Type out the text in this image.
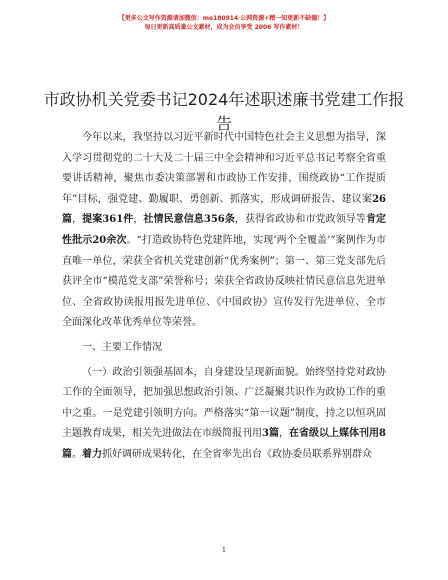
【更多公文写作资源请加微信：mo180914 公网资源+精一知更新不缺德！】
每日更新高质量公文素材，成为会员享受 2006 写作素材！
市政协机关党委书记2024年述职述廉书党建工作报告

今年以来，我坚持以习近平新时代中国特色社会主义思想为指导，深入学习贯彻党的二十大及二十届三中全会精神和习近平总书记考察全省重要讲话精神，聚焦市委决策部署和市政协工作安排，围绕政协“工作提质年”目标，强党建、勤履职、勇创新、抓落实，形成调研报告、建议案26篇，提案361件，社情民意信息356条，获得省政协和市党政领导等肯定性批示20余次。“打造政协特色党建阵地，实现‘两个全覆盖’”案例作为市直唯一单位，荣获全省机关党建创新“优秀案例”；第一、第三党支部先后获评全市“模范党支部”荣誉称号；荣获全省政协反映社情民意信息先进单位、全省政协读报用报先进单位、《中国政协》宣传发行先进单位、全市全面深化改革优秀单位等荣誉。

一、主要工作情况

（一）政治引领强基固本，自身建设呈现新面貌。始终坚持党对政协工作的全面领导，把加强思想政治引领、广泛凝聚共识作为政协工作的重中之重。一是党建引领明方向。严格落实“第一议题”制度，持之以恒巩固主题教育成果，相关先进做法在市级简报刊用3篇，在省级以上媒体刊用8篇。着力抓好调研成果转化，在全省率先出台《政协委员联系界别群众

1
